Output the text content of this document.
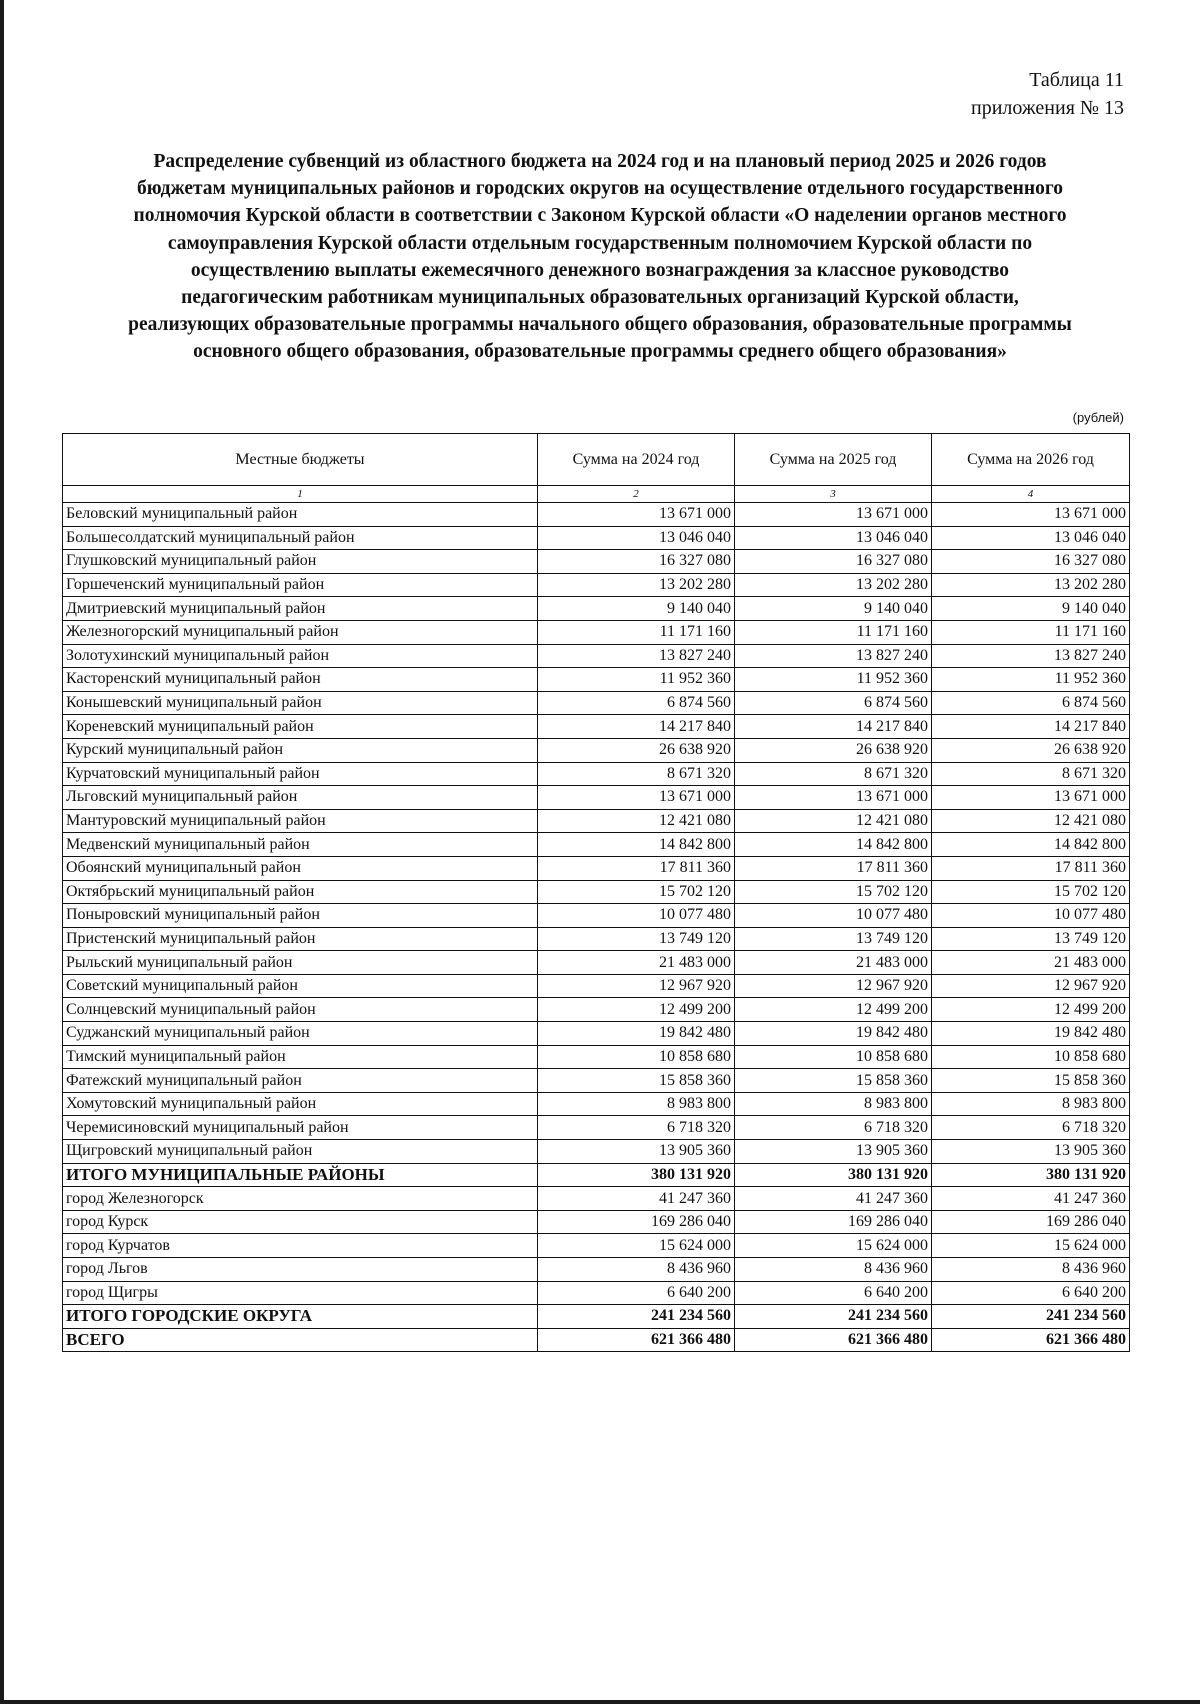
Таблица 11
приложения № 13
Распределение субвенций из областного бюджета на 2024 год и на плановый период 2025 и 2026 годов
бюджетам муниципальных районов и городских округов на осуществление отдельного государственного
полномочия Курской области в соответствии с Законом Курской области «О наделении органов местного
самоуправления Курской области отдельным государственным полномочием Курской области по
осуществлению выплаты ежемесячного денежного вознаграждения за классное руководство
педагогическим работникам муниципальных образовательных организаций Курской области,
реализующих образовательные программы начального общего образования, образовательные программы
основного общего образования, образовательные программы среднего общего образования»
(рублей)
Местные бюджеты	Сумма на 2024 год	Сумма на 2025 год	Сумма на 2026 год
1	2	3	4
Беловский муниципальный район	13 671 000	13 671 000	13 671 000
Большесолдатский муниципальный район	13 046 040	13 046 040	13 046 040
Глушковский муниципальный район	16 327 080	16 327 080	16 327 080
Горшеченский муниципальный район	13 202 280	13 202 280	13 202 280
Дмитриевский муниципальный район	9 140 040	9 140 040	9 140 040
Железногорский муниципальный район	11 171 160	11 171 160	11 171 160
Золотухинский муниципальный район	13 827 240	13 827 240	13 827 240
Касторенский муниципальный район	11 952 360	11 952 360	11 952 360
Конышевский муниципальный район	6 874 560	6 874 560	6 874 560
Кореневский муниципальный район	14 217 840	14 217 840	14 217 840
Курский муниципальный район	26 638 920	26 638 920	26 638 920
Курчатовский муниципальный район	8 671 320	8 671 320	8 671 320
Льговский муниципальный район	13 671 000	13 671 000	13 671 000
Мантуровский муниципальный район	12 421 080	12 421 080	12 421 080
Медвенский муниципальный район	14 842 800	14 842 800	14 842 800
Обоянский муниципальный район	17 811 360	17 811 360	17 811 360
Октябрьский муниципальный район	15 702 120	15 702 120	15 702 120
Поныровский муниципальный район	10 077 480	10 077 480	10 077 480
Пристенский муниципальный район	13 749 120	13 749 120	13 749 120
Рыльский муниципальный район	21 483 000	21 483 000	21 483 000
Советский муниципальный район	12 967 920	12 967 920	12 967 920
Солнцевский муниципальный район	12 499 200	12 499 200	12 499 200
Суджанский муниципальный район	19 842 480	19 842 480	19 842 480
Тимский муниципальный район	10 858 680	10 858 680	10 858 680
Фатежский муниципальный район	15 858 360	15 858 360	15 858 360
Хомутовский муниципальный район	8 983 800	8 983 800	8 983 800
Черемисиновский муниципальный район	6 718 320	6 718 320	6 718 320
Щигровский муниципальный район	13 905 360	13 905 360	13 905 360
ИТОГО МУНИЦИПАЛЬНЫЕ РАЙОНЫ	380 131 920	380 131 920	380 131 920
город Железногорск	41 247 360	41 247 360	41 247 360
город Курск	169 286 040	169 286 040	169 286 040
город Курчатов	15 624 000	15 624 000	15 624 000
город Льгов	8 436 960	8 436 960	8 436 960
город Щигры	6 640 200	6 640 200	6 640 200
ИТОГО ГОРОДСКИЕ ОКРУГА	241 234 560	241 234 560	241 234 560
ВСЕГО	621 366 480	621 366 480	621 366 480
